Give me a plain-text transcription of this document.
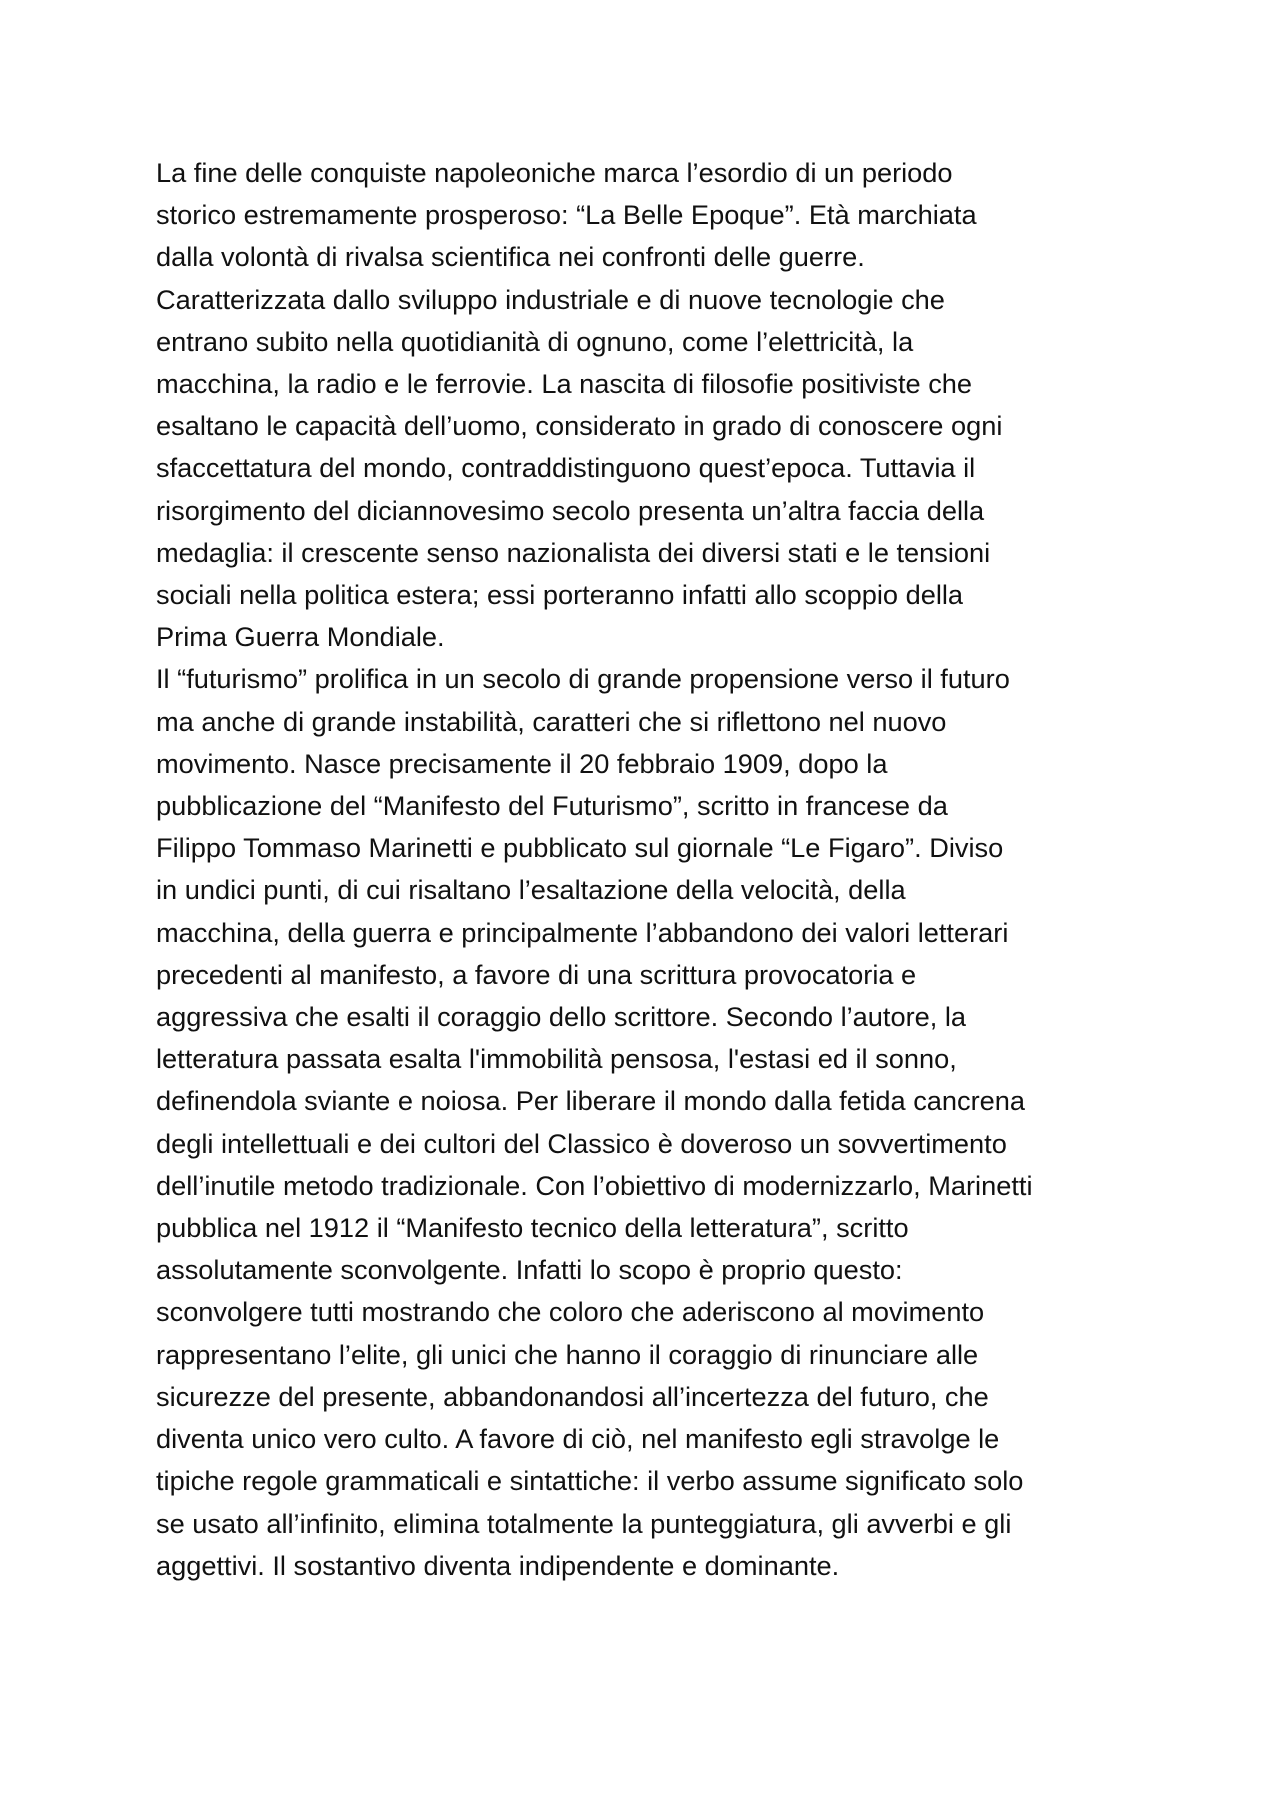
La fine delle conquiste napoleoniche marca l’esordio di un periodo
storico estremamente prosperoso: “La Belle Epoque”. Età marchiata
dalla volontà di rivalsa scientifica nei confronti delle guerre.
Caratterizzata dallo sviluppo industriale e di nuove tecnologie che
entrano subito nella quotidianità di ognuno, come l’elettricità, la
macchina, la radio e le ferrovie. La nascita di filosofie positiviste che
esaltano le capacità dell’uomo, considerato in grado di conoscere ogni
sfaccettatura del mondo, contraddistinguono quest’epoca. Tuttavia il
risorgimento del diciannovesimo secolo presenta un’altra faccia della
medaglia: il crescente senso nazionalista dei diversi stati e le tensioni
sociali nella politica estera; essi porteranno infatti allo scoppio della
Prima Guerra Mondiale.
Il “futurismo” prolifica in un secolo di grande propensione verso il futuro
ma anche di grande instabilità, caratteri che si riflettono nel nuovo
movimento. Nasce precisamente il 20 febbraio 1909, dopo la
pubblicazione del “Manifesto del Futurismo”, scritto in francese da
Filippo Tommaso Marinetti e pubblicato sul giornale “Le Figaro”. Diviso
in undici punti, di cui risaltano l’esaltazione della velocità, della
macchina, della guerra e principalmente l’abbandono dei valori letterari
precedenti al manifesto, a favore di una scrittura provocatoria e
aggressiva che esalti il coraggio dello scrittore. Secondo l’autore, la
letteratura passata esalta l'immobilità pensosa, l'estasi ed il sonno,
definendola sviante e noiosa. Per liberare il mondo dalla fetida cancrena
degli intellettuali e dei cultori del Classico è doveroso un sovvertimento
dell’inutile metodo tradizionale. Con l’obiettivo di modernizzarlo, Marinetti
pubblica nel 1912 il “Manifesto tecnico della letteratura”, scritto
assolutamente sconvolgente. Infatti lo scopo è proprio questo:
sconvolgere tutti mostrando che coloro che aderiscono al movimento
rappresentano l’elite, gli unici che hanno il coraggio di rinunciare alle
sicurezze del presente, abbandonandosi all’incertezza del futuro, che
diventa unico vero culto. A favore di ciò, nel manifesto egli stravolge le
tipiche regole grammaticali e sintattiche: il verbo assume significato solo
se usato all’infinito, elimina totalmente la punteggiatura, gli avverbi e gli
aggettivi. Il sostantivo diventa indipendente e dominante.
